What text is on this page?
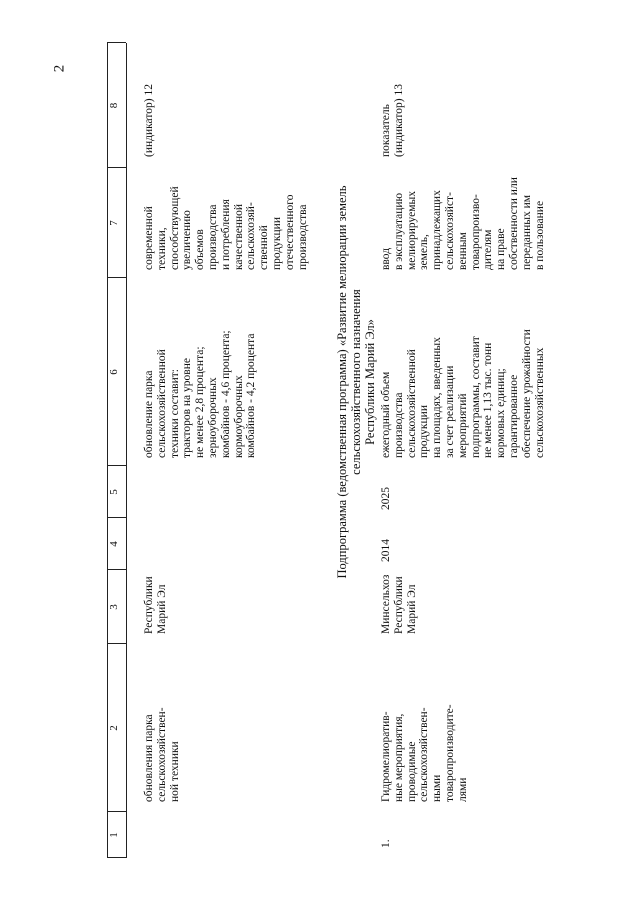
2
1
2
3
4
5
6
7
8
обновления парка сельскохозяйствен- ной техники
Республики Марий Эл
обновление парка сельскохозяйственной техники составит: тракторов на уровне не менее 2,8 процента; зерноуборочных комбайнов - 4,6 процента; кормоуборочных комбайнов - 4,2 процента
современной техники, способствующей увеличению объемов производства и потребления качественной сельскохозяй- ственной продукции отечественного производства
(индикатор) 12
Подпрограмма (ведомственная программа) «Развитие мелиорации земель сельскохозяйственного назначения Республики Марий Эл»
1.
Гидромелиоратив- ные мероприятия, проводимые сельскохозяйствен- ными товаропроизводите- лями
Минсельхоз Республики Марий Эл
2014
2025
ежегодный объем производства сельскохозяйственной продукции на площадях, введенных за счет реализации мероприятий подпрограммы, составит не менее 1,13 тыс. тонн кормовых единиц; гарантированное обеспечение урожайности сельскохозяйственных
ввод в эксплуатацию мелиорируемых земель, принадлежащих сельскохозяйст- венным товаропроизво- дителям на праве собственности или переданных им в пользование
показатель (индикатор) 13
